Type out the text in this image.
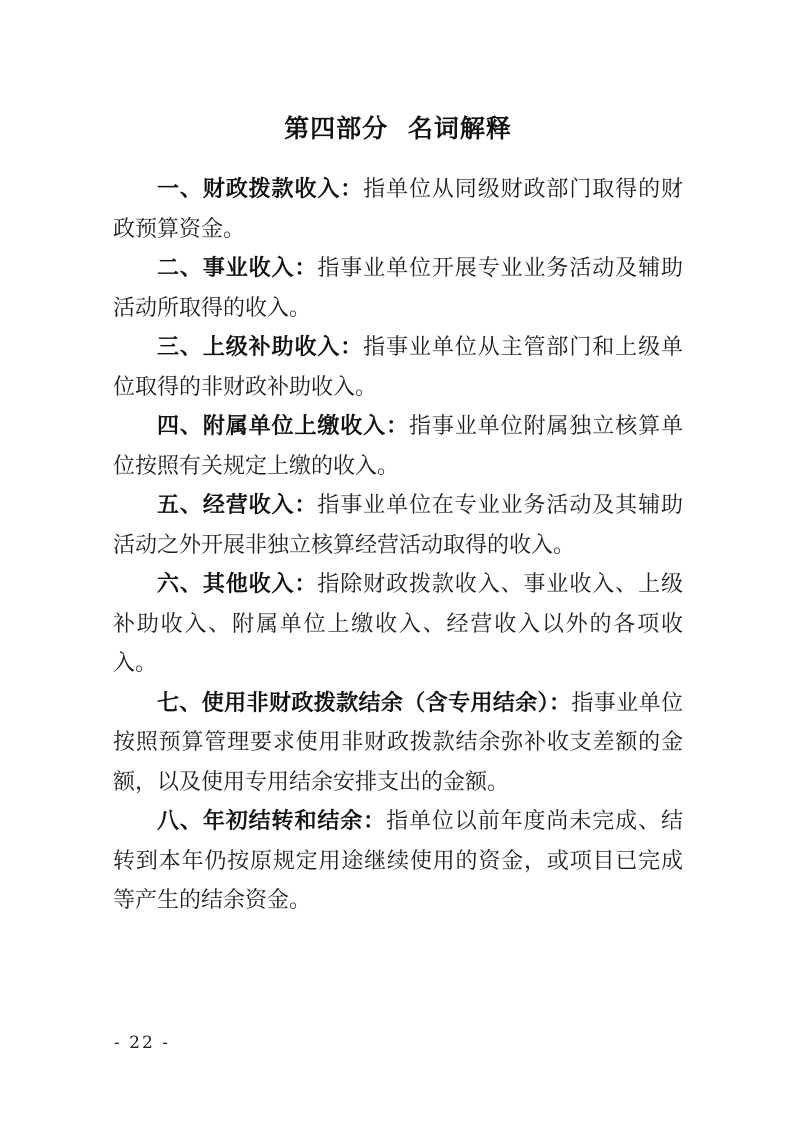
第四部分 名词解释

一、财政拨款收入：指单位从同级财政部门取得的财政预算资金。

二、事业收入：指事业单位开展专业业务活动及辅助活动所取得的收入。

三、上级补助收入：指事业单位从主管部门和上级单位取得的非财政补助收入。

四、附属单位上缴收入：指事业单位附属独立核算单位按照有关规定上缴的收入。

五、经营收入：指事业单位在专业业务活动及其辅助活动之外开展非独立核算经营活动取得的收入。

六、其他收入：指除财政拨款收入、事业收入、上级补助收入、附属单位上缴收入、经营收入以外的各项收入。

七、使用非财政拨款结余（含专用结余）：指事业单位按照预算管理要求使用非财政拨款结余弥补收支差额的金额，以及使用专用结余安排支出的金额。

八、年初结转和结余：指单位以前年度尚未完成、结转到本年仍按原规定用途继续使用的资金，或项目已完成等产生的结余资金。

- 22 -
